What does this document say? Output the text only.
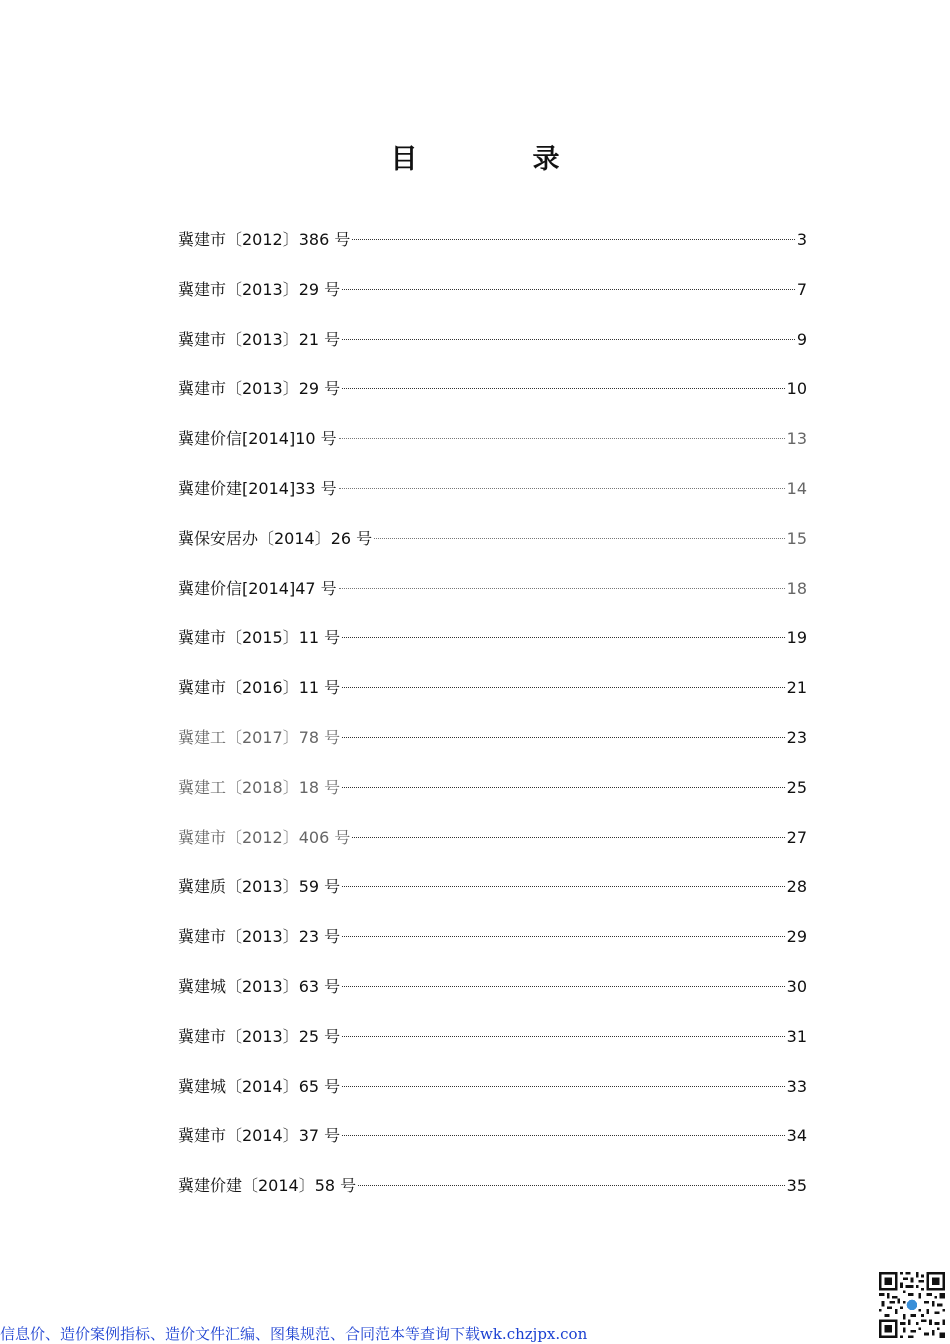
目　录
冀建市〔2012〕386 号	3
冀建市〔2013〕29 号	7
冀建市〔2013〕21 号	9
冀建市〔2013〕29 号	10
冀建价信[2014]10 号	13
冀建价建[2014]33 号	14
冀保安居办〔2014〕26 号	15
冀建价信[2014]47 号	18
冀建市〔2015〕11 号	19
冀建市〔2016〕11 号	21
冀建工〔2017〕78 号	23
冀建工〔2018〕18 号	25
冀建市〔2012〕406 号	27
冀建质〔2013〕59 号	28
冀建市〔2013〕23 号	29
冀建城〔2013〕63 号	30
冀建市〔2013〕25 号	31
冀建城〔2014〕65 号	33
冀建市〔2014〕37 号	34
冀建价建〔2014〕58 号	35
信息价、造价案例指标、造价文件汇编、图集规范、合同范本等查询下载wk.chzjpx.con
